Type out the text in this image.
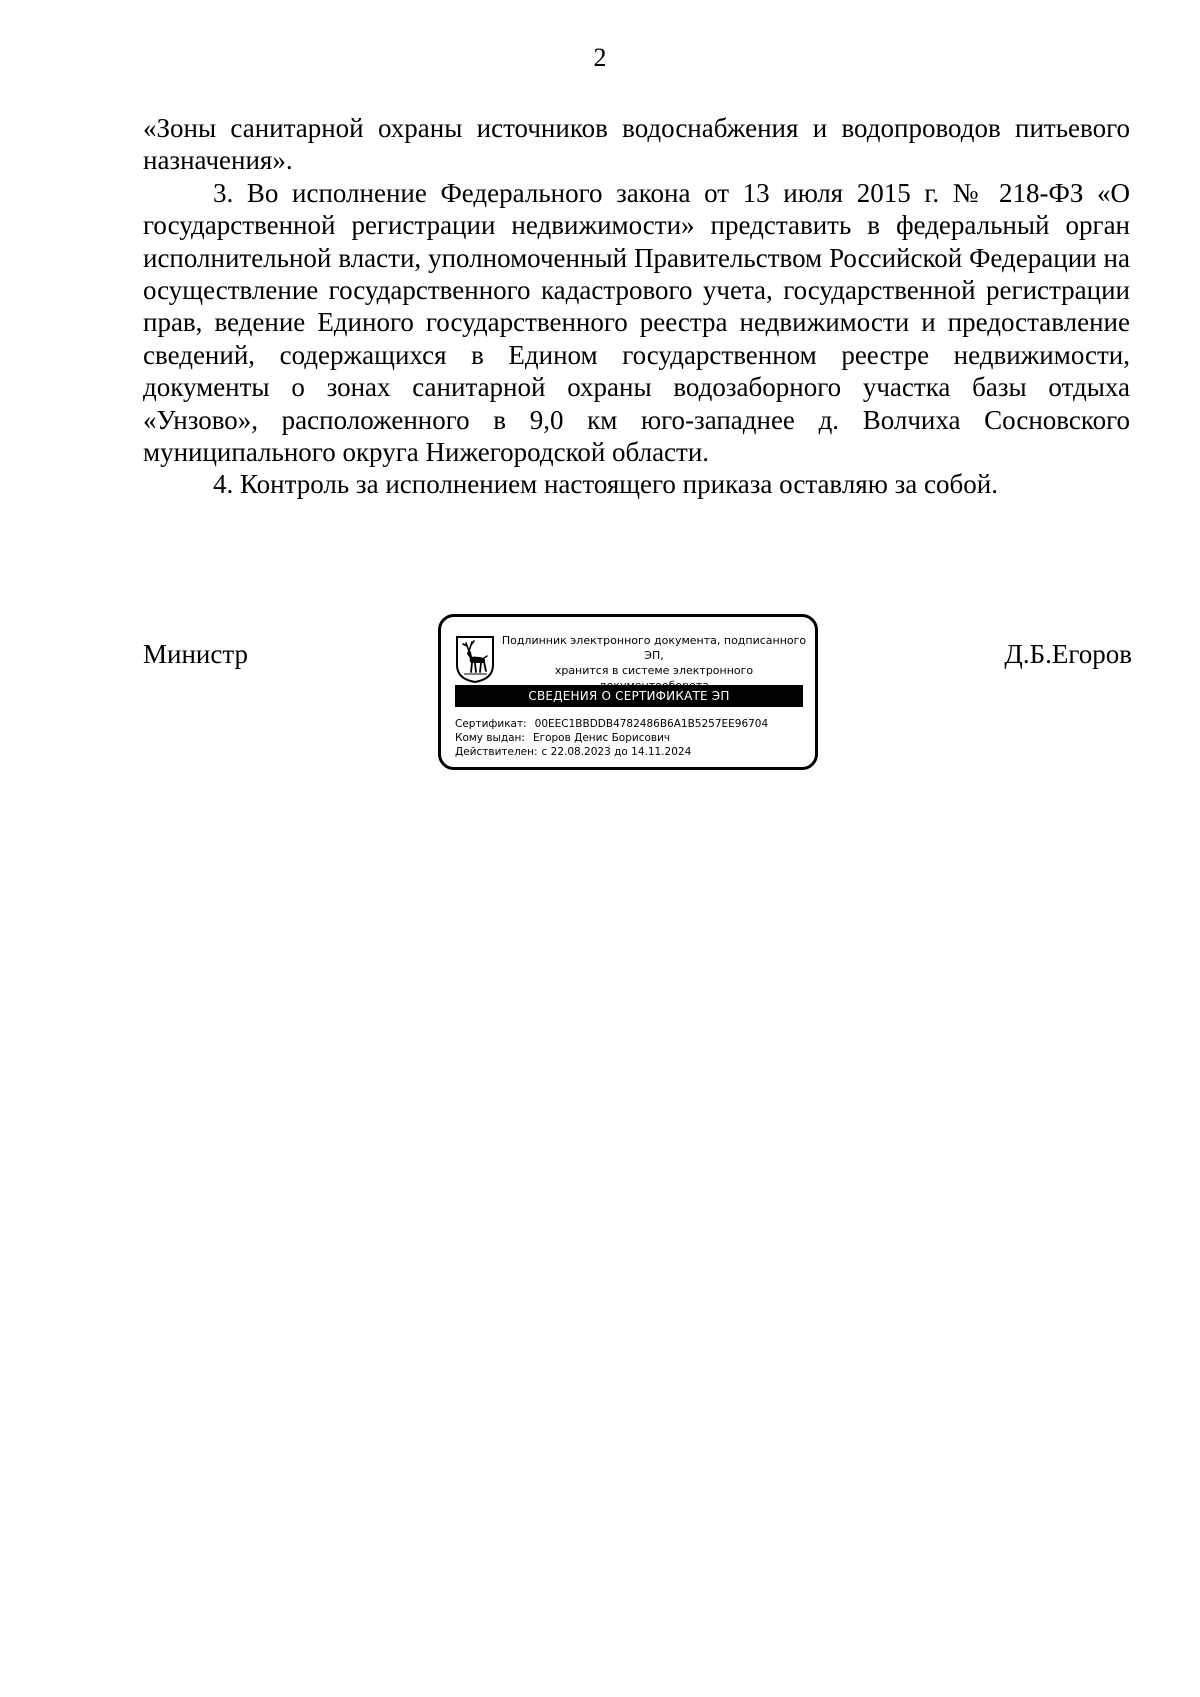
2

«Зоны санитарной охраны источников водоснабжения и водопроводов питьевого назначения».

3. Во исполнение Федерального закона от 13 июля 2015 г. № 218-ФЗ «О государственной регистрации недвижимости» представить в федеральный орган исполнительной власти, уполномоченный Правительством Российской Федерации на осуществление государственного кадастрового учета, государственной регистрации прав, ведение Единого государственного реестра недвижимости и предоставление сведений, содержащихся в Едином государственном реестре недвижимости, документы о зонах санитарной охраны водозаборного участка базы отдыха «Унзово», расположенного в 9,0 км юго-западнее д. Волчиха Сосновского муниципального округа Нижегородской области.

4. Контроль за исполнением настоящего приказа оставляю за собой.

Министр	Д.Б.Егоров
Подлинник электронного документа, подписанного ЭП,
хранится в системе электронного
СВЕДЕНИЯ О СЕРТИФИКАТЕ ЭП
Сертификат: 00EEC1BBDDB4782486B6A1B5257EE96704
Кому выдан: Егоров Денис Борисович
Действителен: с 22.08.2023 до 14.11.2024
